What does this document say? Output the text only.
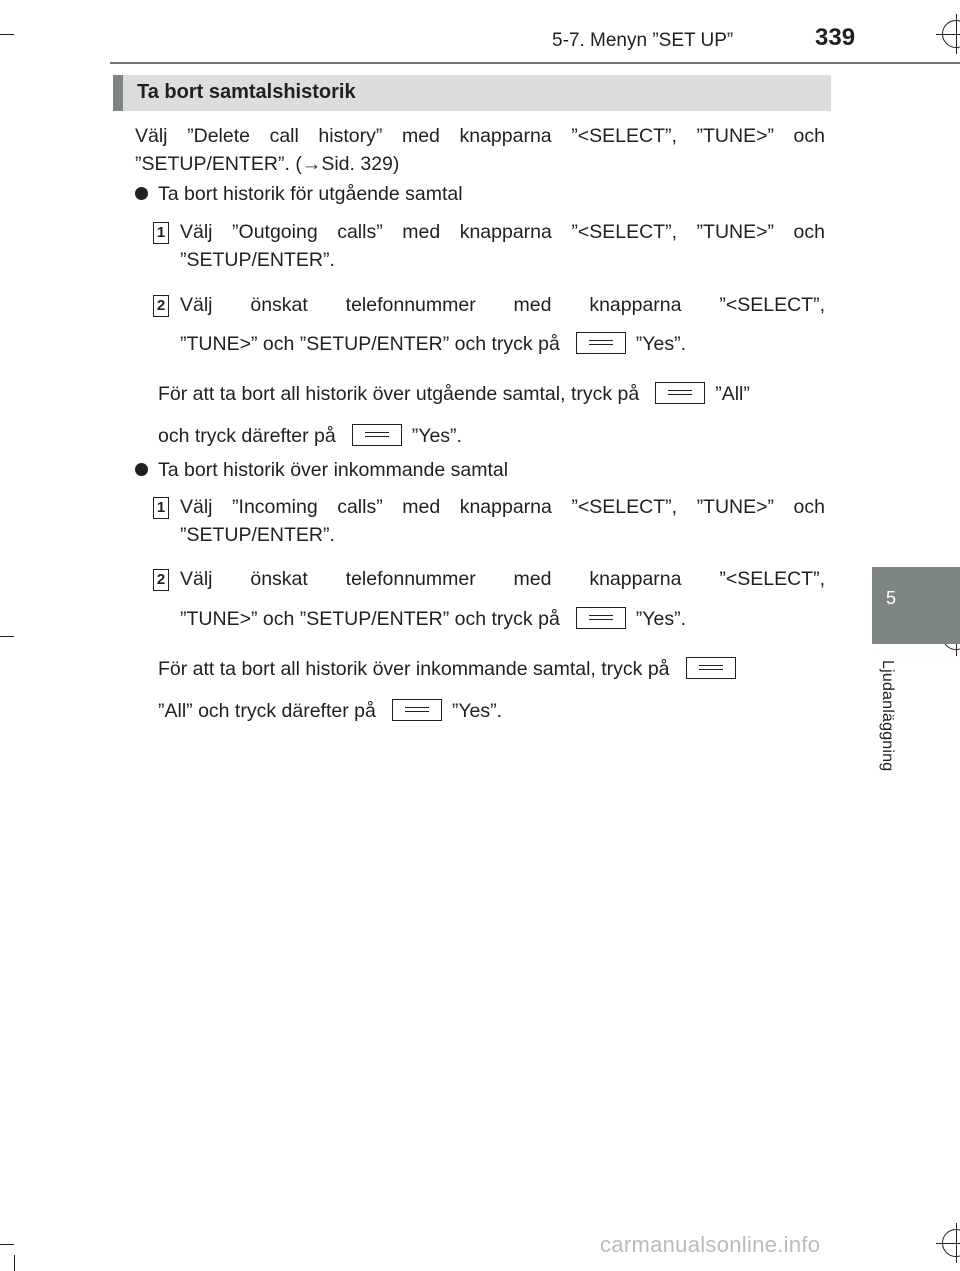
5-7. Menyn ”SET UP”	339
5
Ljudanläggning
Ta bort samtalshistorik
Välj ”Delete call history” med knapparna ”<SELECT”, ”TUNE>” och
”SETUP/ENTER”. (→Sid. 329)
Ta bort historik för utgående samtal
1 Välj ”Outgoing calls” med knapparna ”<SELECT”, ”TUNE>” och
”SETUP/ENTER”.
2 Välj önskat telefonnummer med knapparna ”<SELECT”,
”TUNE>” och ”SETUP/ENTER” och tryck på	”Yes”.
För att ta bort all historik över utgående samtal, tryck på	”All”
och tryck därefter på	”Yes”.
Ta bort historik över inkommande samtal
1 Välj ”Incoming calls” med knapparna ”<SELECT”, ”TUNE>” och
”SETUP/ENTER”.
2 Välj önskat telefonnummer med knapparna ”<SELECT”,
”TUNE>” och ”SETUP/ENTER” och tryck på	”Yes”.
För att ta bort all historik över inkommande samtal, tryck på
”All” och tryck därefter på	”Yes”.
carmanualsonline.info
